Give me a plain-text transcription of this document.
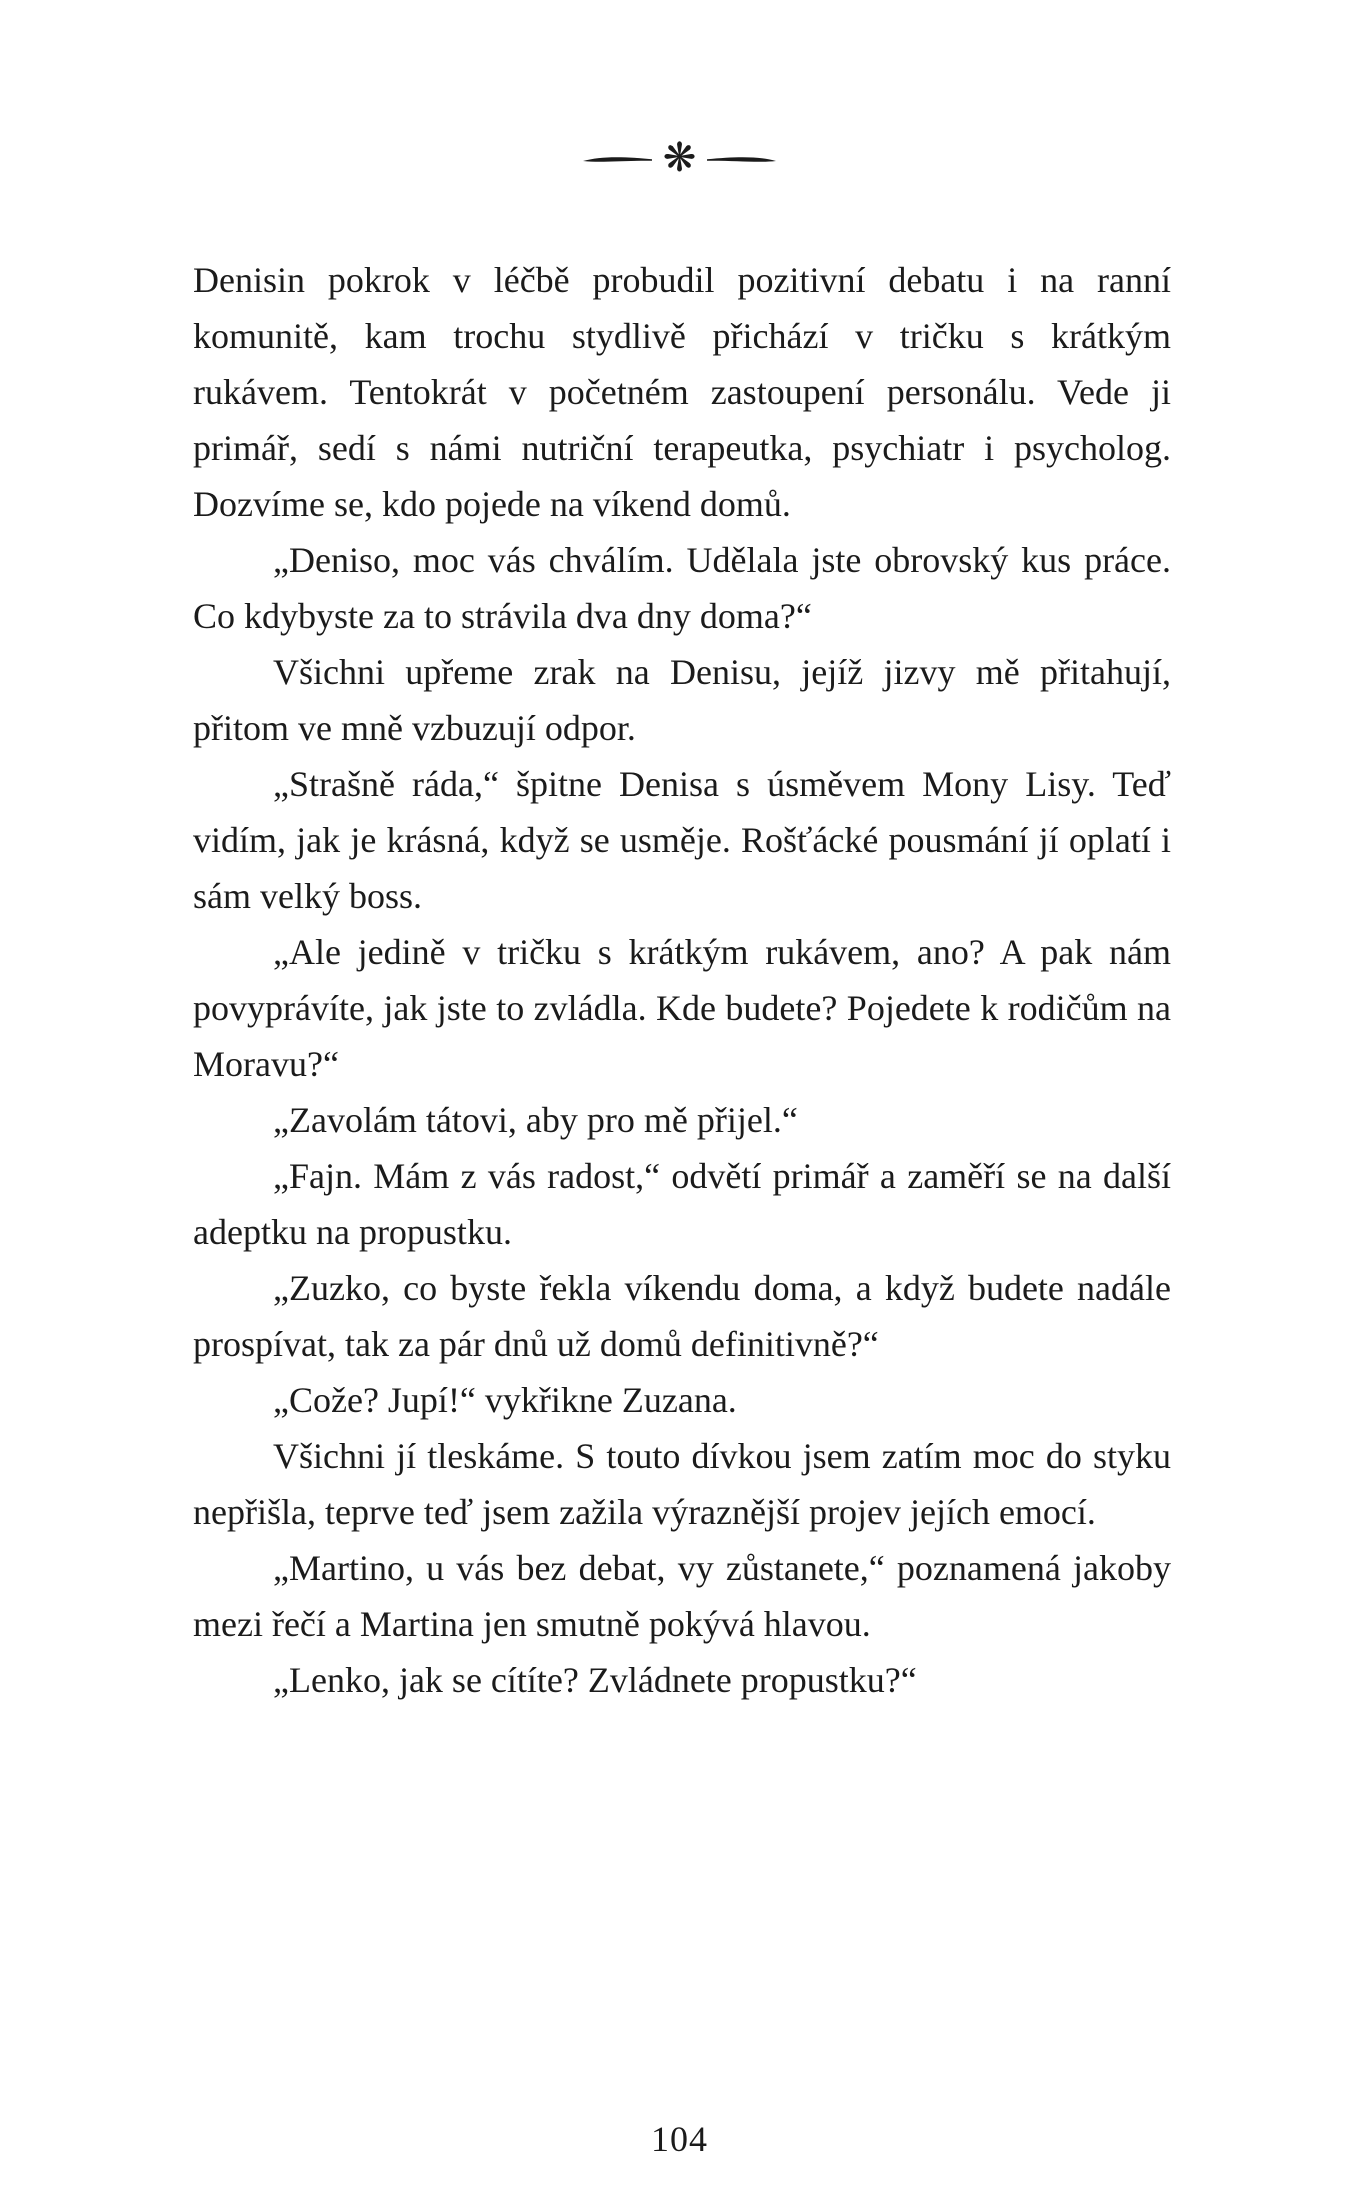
❋

Denisin pokrok v léčbě probudil pozitivní debatu i na ranní komunitě, kam trochu stydlivě přichází v tričku s krátkým rukávem. Tentokrát v početném zastoupení personálu. Vede ji primář, sedí s námi nutriční terapeutka, psychiatr i psycholog. Dozvíme se, kdo pojede na víkend domů.

„Deniso, moc vás chválím. Udělala jste obrovský kus práce. Co kdybyste za to strávila dva dny doma?“

Všichni upřeme zrak na Denisu, jejíž jizvy mě přitahují, přitom ve mně vzbuzují odpor.

„Strašně ráda,“ špitne Denisa s úsměvem Mony Lisy. Teď vidím, jak je krásná, když se usměje. Rošťácké pousmání jí oplatí i sám velký boss.

„Ale jedině v tričku s krátkým rukávem, ano? A pak nám povyprávíte, jak jste to zvládla. Kde budete? Pojedete k rodičům na Moravu?“

„Zavolám tátovi, aby pro mě přijel.“

„Fajn. Mám z vás radost,“ odvětí primář a zaměří se na další adeptku na propustku.

„Zuzko, co byste řekla víkendu doma, a když budete nadále prospívat, tak za pár dnů už domů definitivně?“

„Cože? Jupí!“ vykřikne Zuzana.

Všichni jí tleskáme. S touto dívkou jsem zatím moc do styku nepřišla, teprve teď jsem zažila výraznější projev jejích emocí.

„Martino, u vás bez debat, vy zůstanete,“ poznamená jakoby mezi řečí a Martina jen smutně pokývá hlavou.

„Lenko, jak se cítíte? Zvládnete propustku?“

104
